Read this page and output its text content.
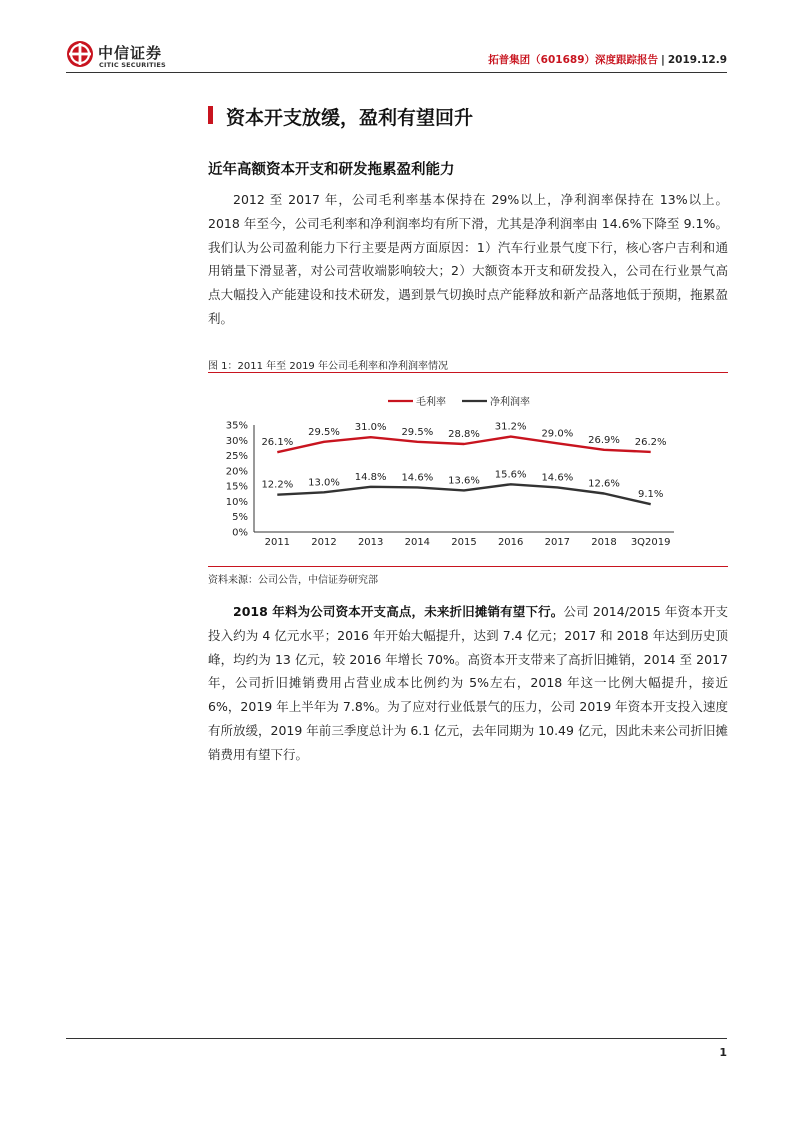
中信证券
CITIC SECURITIES	拓普集团（601689）深度跟踪报告 | 2019.12.9
资本开支放缓，盈利有望回升
近年高额资本开支和研发拖累盈利能力
2012 至 2017 年，公司毛利率基本保持在 29%以上，净利润率保持在 13%以上。2018 年至今，公司毛利率和净利润率均有所下滑，尤其是净利润率由 14.6%下降至 9.1%。我们认为公司盈利能力下行主要是两方面原因：1）汽车行业景气度下行，核心客户吉利和通用销量下滑显著，对公司营收端影响较大；2）大额资本开支和研发投入，公司在行业景气高点大幅投入产能建设和技术研发，遇到景气切换时点产能释放和新产品落地低于预期，拖累盈利。
图 1：2011 年至 2019 年公司毛利率和净利润率情况
毛利率	净利润率
0%
5%
10%
15%
20%
25%
30%
35%
2011 2012 2013 2014 2015 2016 2017 2018 3Q2019
26.1%
29.5% 31.0% 29.5% 28.8%
31.2%
29.0%
26.9% 26.2%
12.2% 13.0%
14.8% 14.6% 13.6%
15.6% 14.6%
12.6%
9.1%
资料来源：公司公告，中信证券研究部
2018 年料为公司资本开支高点，未来折旧摊销有望下行。公司 2014/2015 年资本开支投入约为 4 亿元水平；2016 年开始大幅提升，达到 7.4 亿元；2017 和 2018 年达到历史顶峰，均约为 13 亿元，较 2016 年增长 70%。高资本开支带来了高折旧摊销，2014 至 2017 年，公司折旧摊销费用占营业成本比例约为 5%左右，2018 年这一比例大幅提升，接近 6%，2019 年上半年为 7.8%。为了应对行业低景气的压力，公司 2019 年资本开支投入速度有所放缓，2019 年前三季度总计为 6.1 亿元，去年同期为 10.49 亿元，因此未来公司折旧摊销费用有望下行。
1
